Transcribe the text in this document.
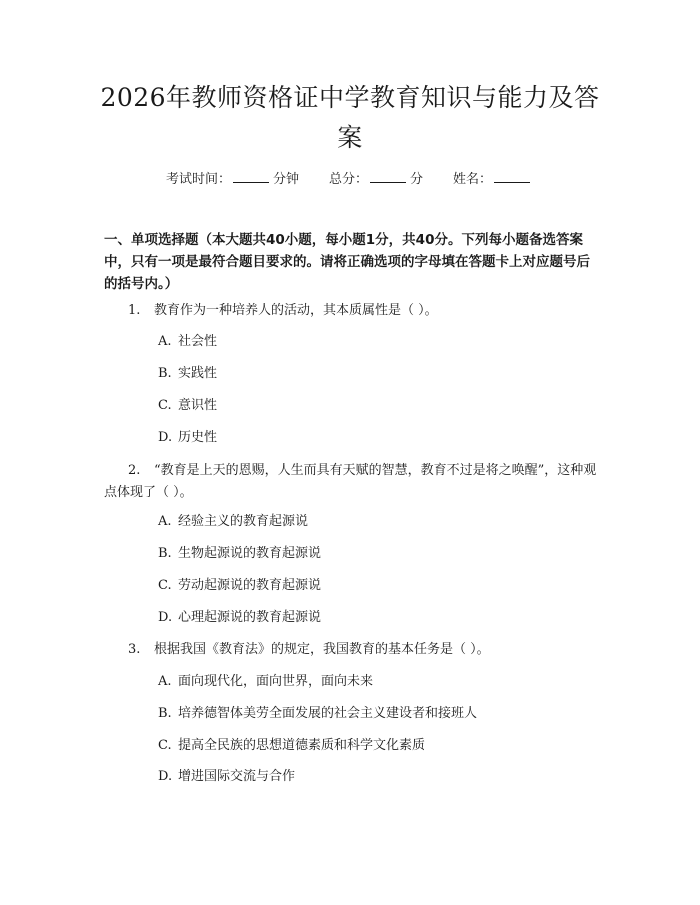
2026年教师资格证中学教育知识与能力及答案
考试时间：	分钟 总分：	分 姓名：
一、单项选择题（本大题共40小题，每小题1分，共40分。下列每小题备选答案中，只有一项是最符合题目要求的。请将正确选项的字母填在答题卡上对应题号后的括号内。）
1. 教育作为一种培养人的活动，其本质属性是（ ）。
A. 社会性
B. 实践性
C. 意识性
D. 历史性
2. “教育是上天的恩赐，人生而具有天赋的智慧，教育不过是将之唤醒”，这种观点体现了（ ）。
A. 经验主义的教育起源说
B. 生物起源说的教育起源说
C. 劳动起源说的教育起源说
D. 心理起源说的教育起源说
3. 根据我国《教育法》的规定，我国教育的基本任务是（ ）。
A. 面向现代化，面向世界，面向未来
B. 培养德智体美劳全面发展的社会主义建设者和接班人
C. 提高全民族的思想道德素质和科学文化素质
D. 增进国际交流与合作
